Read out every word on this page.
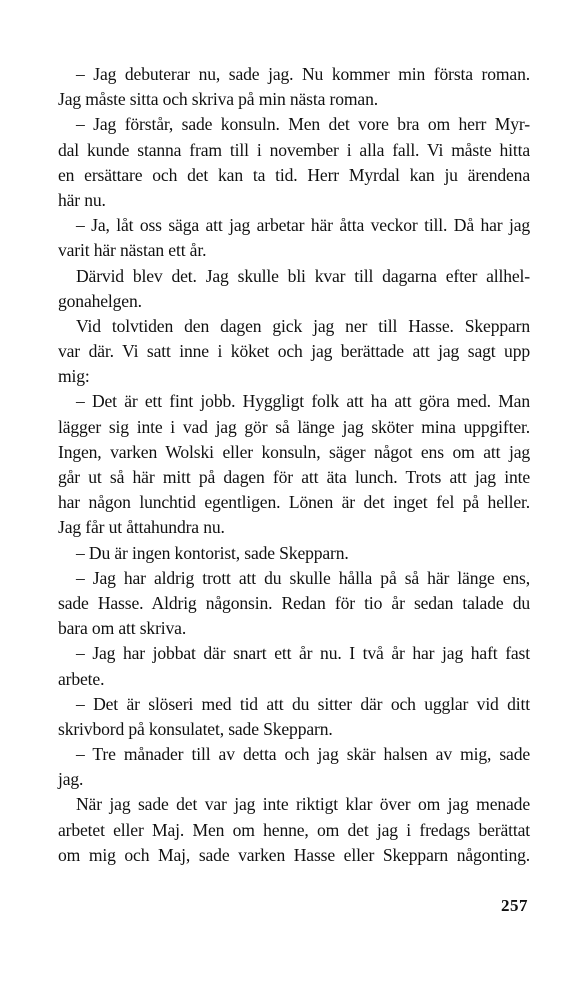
– Jag debuterar nu, sade jag. Nu kommer min första roman.
Jag måste sitta och skriva på min nästa roman.
– Jag förstår, sade konsuln. Men det vore bra om herr Myr-
dal kunde stanna fram till i november i alla fall. Vi måste hitta
en ersättare och det kan ta tid. Herr Myrdal kan ju ärendena
här nu.
– Ja, låt oss säga att jag arbetar här åtta veckor till. Då har jag
varit här nästan ett år.
Därvid blev det. Jag skulle bli kvar till dagarna efter allhel-
gonahelgen.
Vid tolvtiden den dagen gick jag ner till Hasse. Skepparn
var där. Vi satt inne i köket och jag berättade att jag sagt upp
mig:
– Det är ett fint jobb. Hyggligt folk att ha att göra med. Man
lägger sig inte i vad jag gör så länge jag sköter mina uppgifter.
Ingen, varken Wolski eller konsuln, säger något ens om att jag
går ut så här mitt på dagen för att äta lunch. Trots att jag inte
har någon lunchtid egentligen. Lönen är det inget fel på heller.
Jag får ut åttahundra nu.
– Du är ingen kontorist, sade Skepparn.
– Jag har aldrig trott att du skulle hålla på så här länge ens,
sade Hasse. Aldrig någonsin. Redan för tio år sedan talade du
bara om att skriva.
– Jag har jobbat där snart ett år nu. I två år har jag haft fast
arbete.
– Det är slöseri med tid att du sitter där och ugglar vid ditt
skrivbord på konsulatet, sade Skepparn.
– Tre månader till av detta och jag skär halsen av mig, sade
jag.
När jag sade det var jag inte riktigt klar över om jag menade
arbetet eller Maj. Men om henne, om det jag i fredags berättat
om mig och Maj, sade varken Hasse eller Skepparn någonting.
257
